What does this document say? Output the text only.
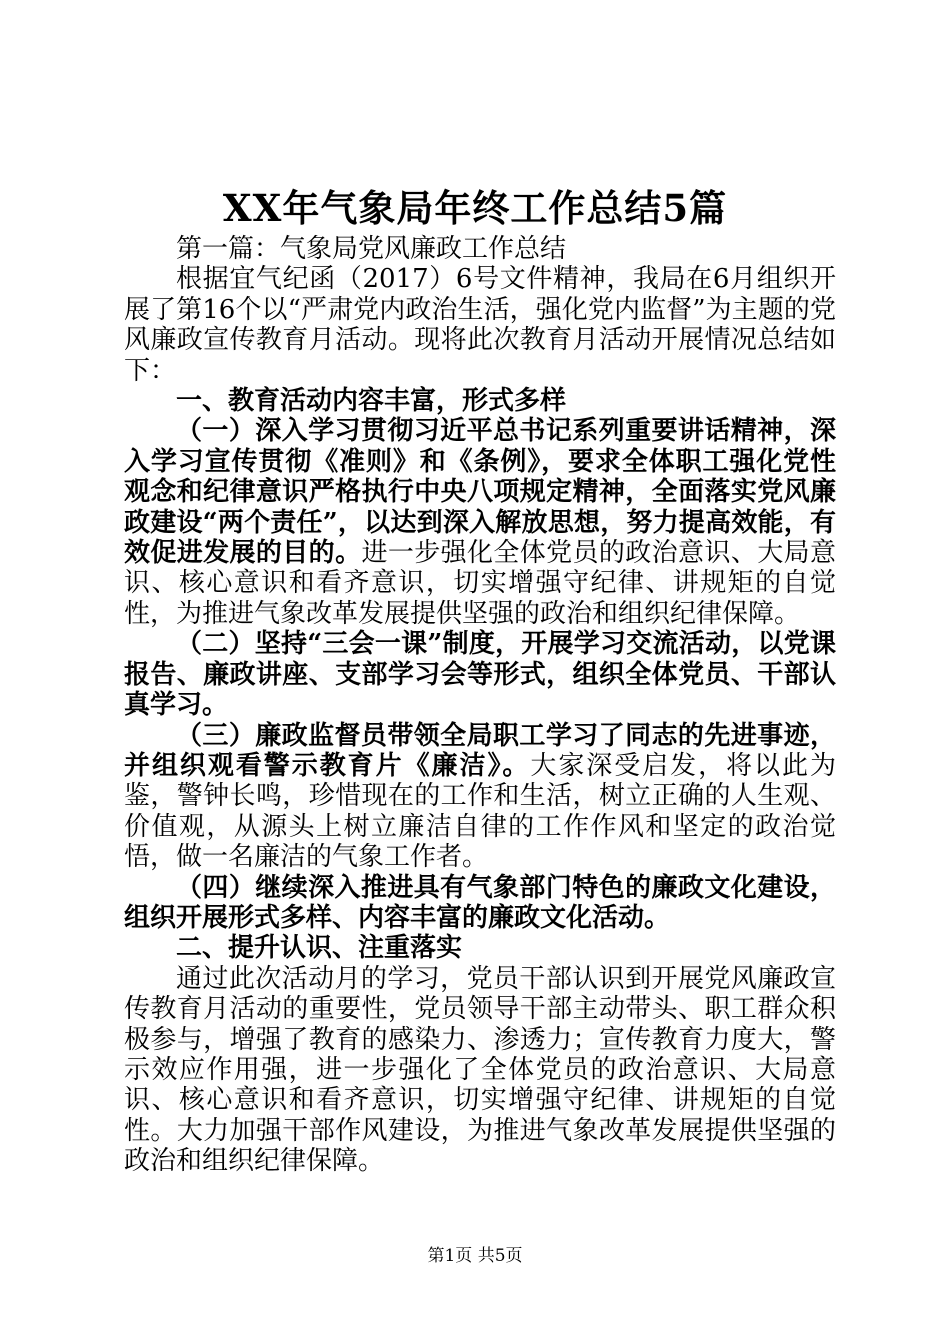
XX年气象局年终工作总结5篇

第一篇：气象局党风廉政工作总结

根据宜气纪函（2017）6号文件精神，我局在6月组织开展了第16个以“严肃党内政治生活，强化党内监督”为主题的党风廉政宣传教育月活动。现将此次教育月活动开展情况总结如下：

一、教育活动内容丰富，形式多样

（一）深入学习贯彻习近平总书记系列重要讲话精神，深入学习宣传贯彻《准则》和《条例》，要求全体职工强化党性观念和纪律意识严格执行中央八项规定精神，全面落实党风廉政建设“两个责任”，以达到深入解放思想，努力提高效能，有效促进发展的目的。进一步强化全体党员的政治意识、大局意识、核心意识和看齐意识，切实增强守纪律、讲规矩的自觉性，为推进气象改革发展提供坚强的政治和组织纪律保障。

（二）坚持“三会一课”制度，开展学习交流活动，以党课报告、廉政讲座、支部学习会等形式，组织全体党员、干部认真学习。

（三）廉政监督员带领全局职工学习了同志的先进事迹，并组织观看警示教育片《廉洁》。大家深受启发，将以此为鉴，警钟长鸣，珍惜现在的工作和生活，树立正确的人生观、价值观，从源头上树立廉洁自律的工作作风和坚定的政治觉悟，做一名廉洁的气象工作者。

（四）继续深入推进具有气象部门特色的廉政文化建设，组织开展形式多样、内容丰富的廉政文化活动。

二、提升认识、注重落实

通过此次活动月的学习，党员干部认识到开展党风廉政宣传教育月活动的重要性，党员领导干部主动带头、职工群众积极参与，增强了教育的感染力、渗透力；宣传教育力度大，警示效应作用强，进一步强化了全体党员的政治意识、大局意识、核心意识和看齐意识，切实增强守纪律、讲规矩的自觉性。大力加强干部作风建设，为推进气象改革发展提供坚强的政治和组织纪律保障。

第1页 共5页
